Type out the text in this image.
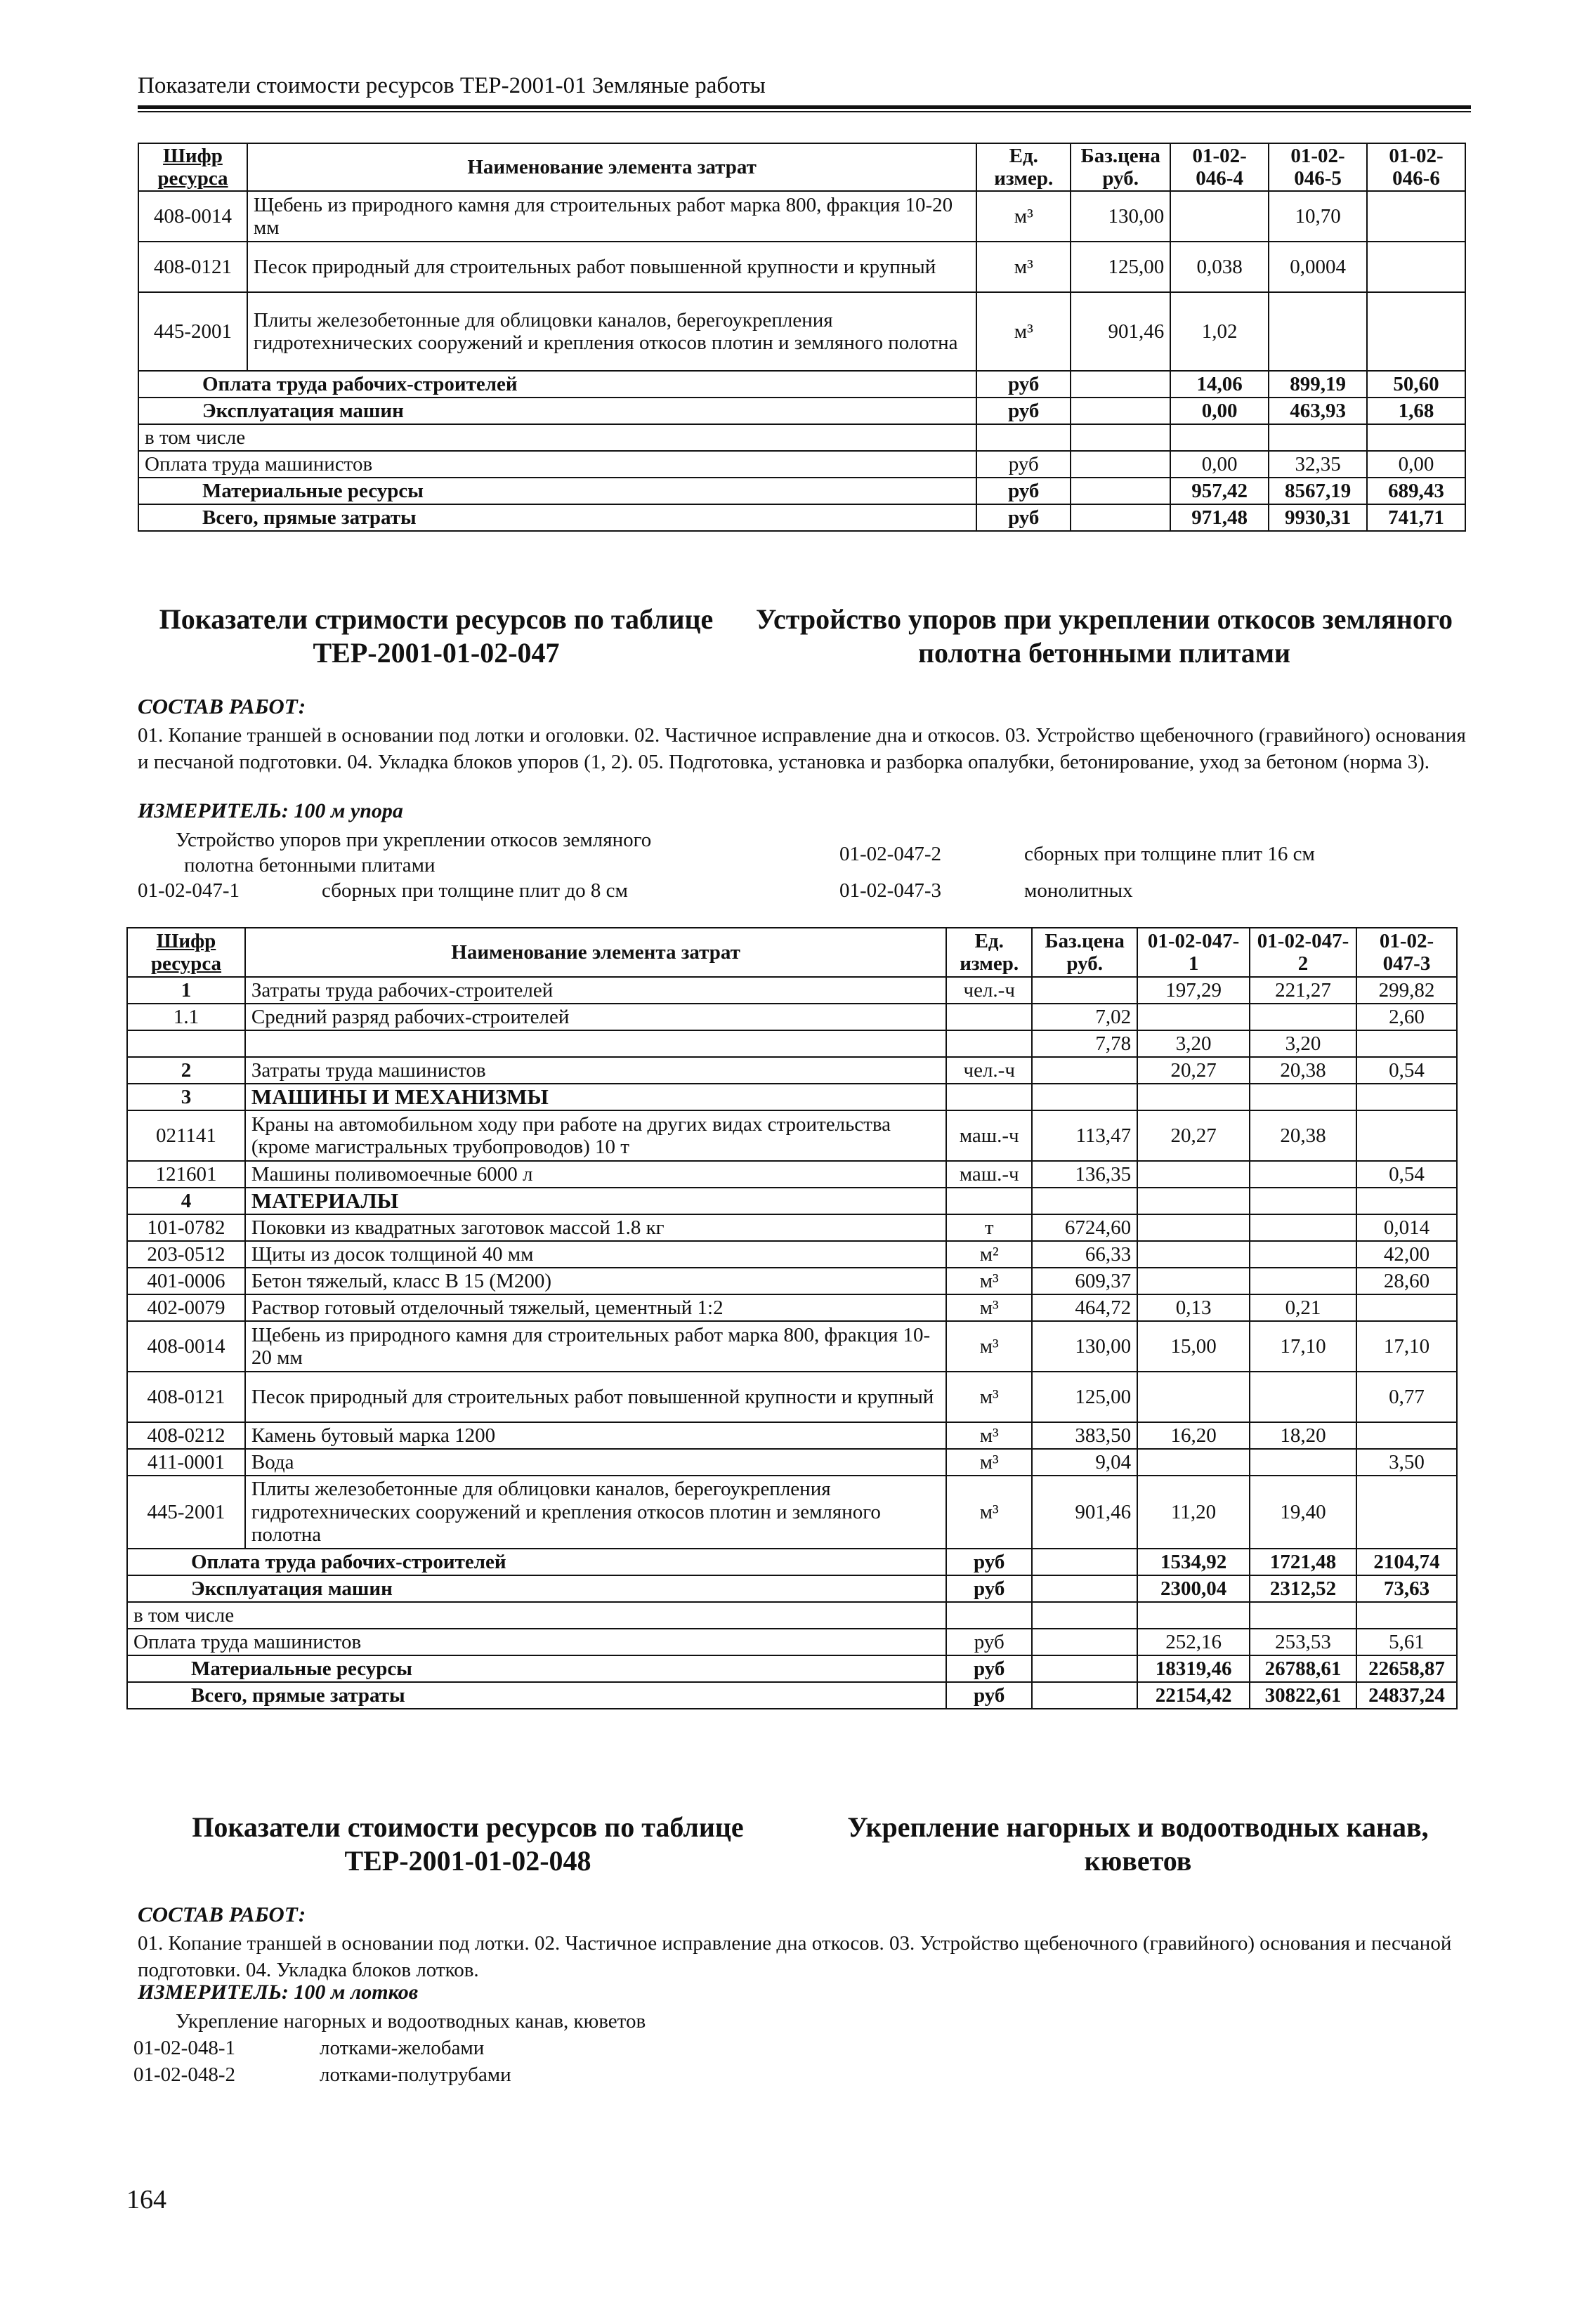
Показатели стоимости ресурсов ТЕР-2001-01 Земляные работы
Шифр ресурса	Наименование элемента затрат	Ед. измер.	Баз.цена руб.	01-02-046-4	01-02-046-5	01-02-046-6
408-0014	Щебень из природного камня для строительных работ марка 800, фракция 10-20 мм	м³	130,00		10,70	
408-0121	Песок природный для строительных работ повышенной крупности и крупный	м³	125,00	0,038	0,0004	
445-2001	Плиты железобетонные для облицовки каналов, берегоукрепления гидротехнических сооружений и крепления откосов плотин и земляного полотна	м³	901,46	1,02		
Оплата труда рабочих-строителей		руб		14,06	899,19	50,60
Эксплуатация машин		руб		0,00	463,93	1,68
в том числе						
Оплата труда машинистов		руб		0,00	32,35	0,00
Материальные ресурсы		руб		957,42	8567,19	689,43
Всего, прямые затраты		руб		971,48	9930,31	741,71
Показатели стримости ресурсов по таблице
ТЕР-2001-01-02-047
Устройство упоров при укреплении откосов земляного
полотна бетонными плитами
СОСТАВ РАБОТ:
01. Копание траншей в основании под лотки и оголовки. 02. Частичное исправление дна и откосов. 03. Устройство щебеночного (гравийного) основания и песчаной подготовки. 04. Укладка блоков упоров (1, 2). 05. Подготовка, установка и разборка опалубки, бетонирование, уход за бетоном (норма 3).
ИЗМЕРИТЕЛЬ: 100 м упора
Устройство упоров при укреплении откосов земляного
полотна бетонными плитами
01-02-047-1	сборных при толщине плит до 8 см
01-02-047-2	сборных при толщине плит 16 см
01-02-047-3	монолитных
Шифр ресурса	Наименование элемента затрат	Ед. измер.	Баз.цена руб.	01-02-047-1	01-02-047-2	01-02-047-3
1	Затраты труда рабочих-строителей	чел.-ч		197,29	221,27	299,82
1.1	Средний разряд рабочих-строителей		7,02			2,60
			7,78	3,20	3,20	
2	Затраты труда машинистов	чел.-ч		20,27	20,38	0,54
3	МАШИНЫ И МЕХАНИЗМЫ					
021141	Краны на автомобильном ходу при работе на других видах строительства (кроме магистральных трубопроводов) 10 т	маш.-ч	113,47	20,27	20,38	
121601	Машины поливомоечные 6000 л	маш.-ч	136,35			0,54
4	МАТЕРИАЛЫ					
101-0782	Поковки из квадратных заготовок массой 1.8 кг	т	6724,60			0,014
203-0512	Щиты из досок толщиной 40 мм	м²	66,33			42,00
401-0006	Бетон тяжелый, класс В 15 (М200)	м³	609,37			28,60
402-0079	Раствор готовый отделочный тяжелый, цементный 1:2	м³	464,72	0,13	0,21	
408-0014	Щебень из природного камня для строительных работ марка 800, фракция 10-20 мм	м³	130,00	15,00	17,10	17,10
408-0121	Песок природный для строительных работ повышенной крупности и крупный	м³	125,00			0,77
408-0212	Камень бутовый марка 1200	м³	383,50	16,20	18,20	
411-0001	Вода	м³	9,04			3,50
445-2001	Плиты железобетонные для облицовки каналов, берегоукрепления гидротехнических сооружений и крепления откосов плотин и земляного полотна	м³	901,46	11,20	19,40	
Оплата труда рабочих-строителей		руб		1534,92	1721,48	2104,74
Эксплуатация машин		руб		2300,04	2312,52	73,63
в том числе						
Оплата труда машинистов		руб		252,16	253,53	5,61
Материальные ресурсы		руб		18319,46	26788,61	22658,87
Всего, прямые затраты		руб		22154,42	30822,61	24837,24
Показатели стоимости ресурсов по таблице
ТЕР-2001-01-02-048
Укрепление нагорных и водоотводных канав,
кюветов
СОСТАВ РАБОТ:
01. Копание траншей в основании под лотки. 02. Частичное исправление дна откосов. 03. Устройство щебеночного (гравийного) основания и песчаной подготовки. 04. Укладка блоков лотков.
ИЗМЕРИТЕЛЬ: 100 м лотков
Укрепление нагорных и водоотводных канав, кюветов
01-02-048-1	лотками-желобами
01-02-048-2	лотками-полутрубами
164
